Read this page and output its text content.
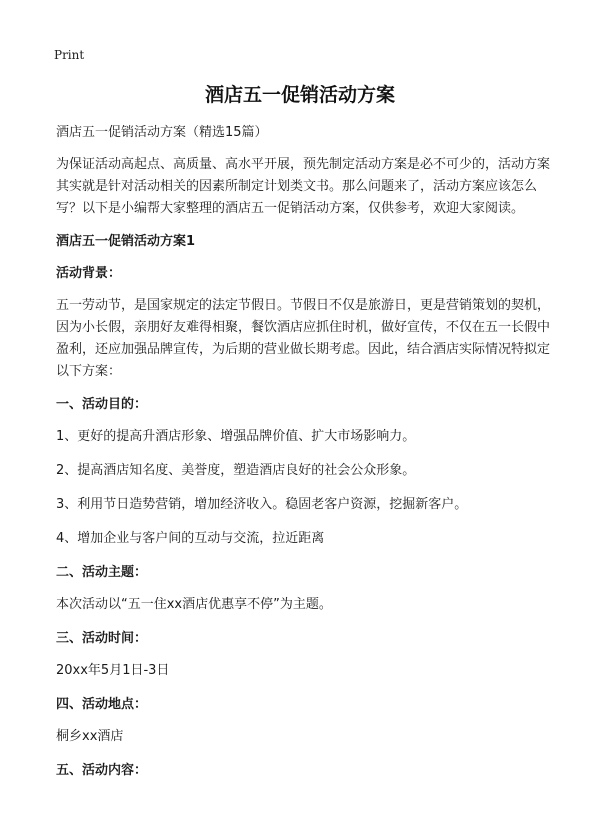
Print
酒店五一促销活动方案

酒店五一促销活动方案（精选15篇）

为保证活动高起点、高质量、高水平开展，预先制定活动方案是必不可少的，活动方案其实就是针对活动相关的因素所制定计划类文书。那么问题来了，活动方案应该怎么写？以下是小编帮大家整理的酒店五一促销活动方案，仅供参考，欢迎大家阅读。

酒店五一促销活动方案1

活动背景：

五一劳动节，是国家规定的法定节假日。节假日不仅是旅游日，更是营销策划的契机，因为小长假，亲朋好友难得相聚，餐饮酒店应抓住时机，做好宣传，不仅在五一长假中盈利，还应加强品牌宣传，为后期的营业做长期考虑。因此，结合酒店实际情况特拟定以下方案：

一、活动目的：

1、更好的提高升酒店形象、增强品牌价值、扩大市场影响力。

2、提高酒店知名度、美誉度，塑造酒店良好的社会公众形象。

3、利用节日造势营销，增加经济收入。稳固老客户资源，挖掘新客户。

4、增加企业与客户间的互动与交流，拉近距离

二、活动主题：

本次活动以“五一住xx酒店优惠享不停”为主题。

三、活动时间：

20xx年5月1日-3日

四、活动地点：

桐乡xx酒店

五、活动内容：
